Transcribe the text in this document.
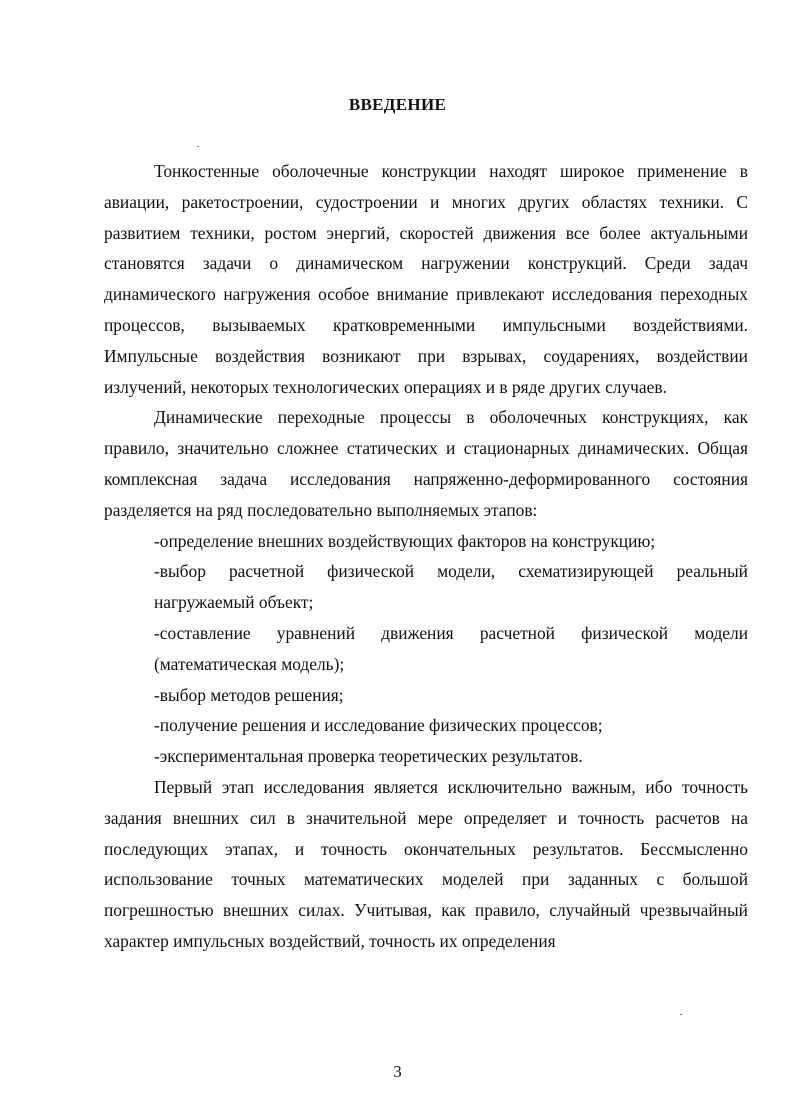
ВВЕДЕНИЕ

Тонкостенные оболочечные конструкции находят широкое применение в авиации, ракетостроении, судостроении и многих других областях техники. С развитием техники, ростом энергий, скоростей движения все более актуальными становятся задачи о динамическом нагружении конструкций. Среди задач динамического нагружения особое внимание привлекают исследования переходных процессов, вызываемых кратковременными импульсными воздействиями. Импульсные воздействия возникают при взрывах, соударениях, воздействии излучений, некоторых технологических операциях и в ряде других случаев.

Динамические переходные процессы в оболочечных конструкциях, как правило, значительно сложнее статических и стационарных динамических. Общая комплексная задача исследования напряженно-деформированного состояния разделяется на ряд последовательно выполняемых этапов:

-определение внешних воздействующих факторов на конструкцию;

-выбор расчетной физической модели, схематизирующей реальный нагружаемый объект;

-составление уравнений движения расчетной физической модели (математическая модель);

-выбор методов решения;

-получение решения и исследование физических процессов;

-экспериментальная проверка теоретических результатов.

Первый этап исследования является исключительно важным, ибо точность задания внешних сил в значительной мере определяет и точность расчетов на последующих этапах, и точность окончательных результатов. Бессмысленно использование точных математических моделей при заданных с большой погрешностью внешних силах. Учитывая, как правило, случайный чрезвычайный характер импульсных воздействий, точность их определения

3
